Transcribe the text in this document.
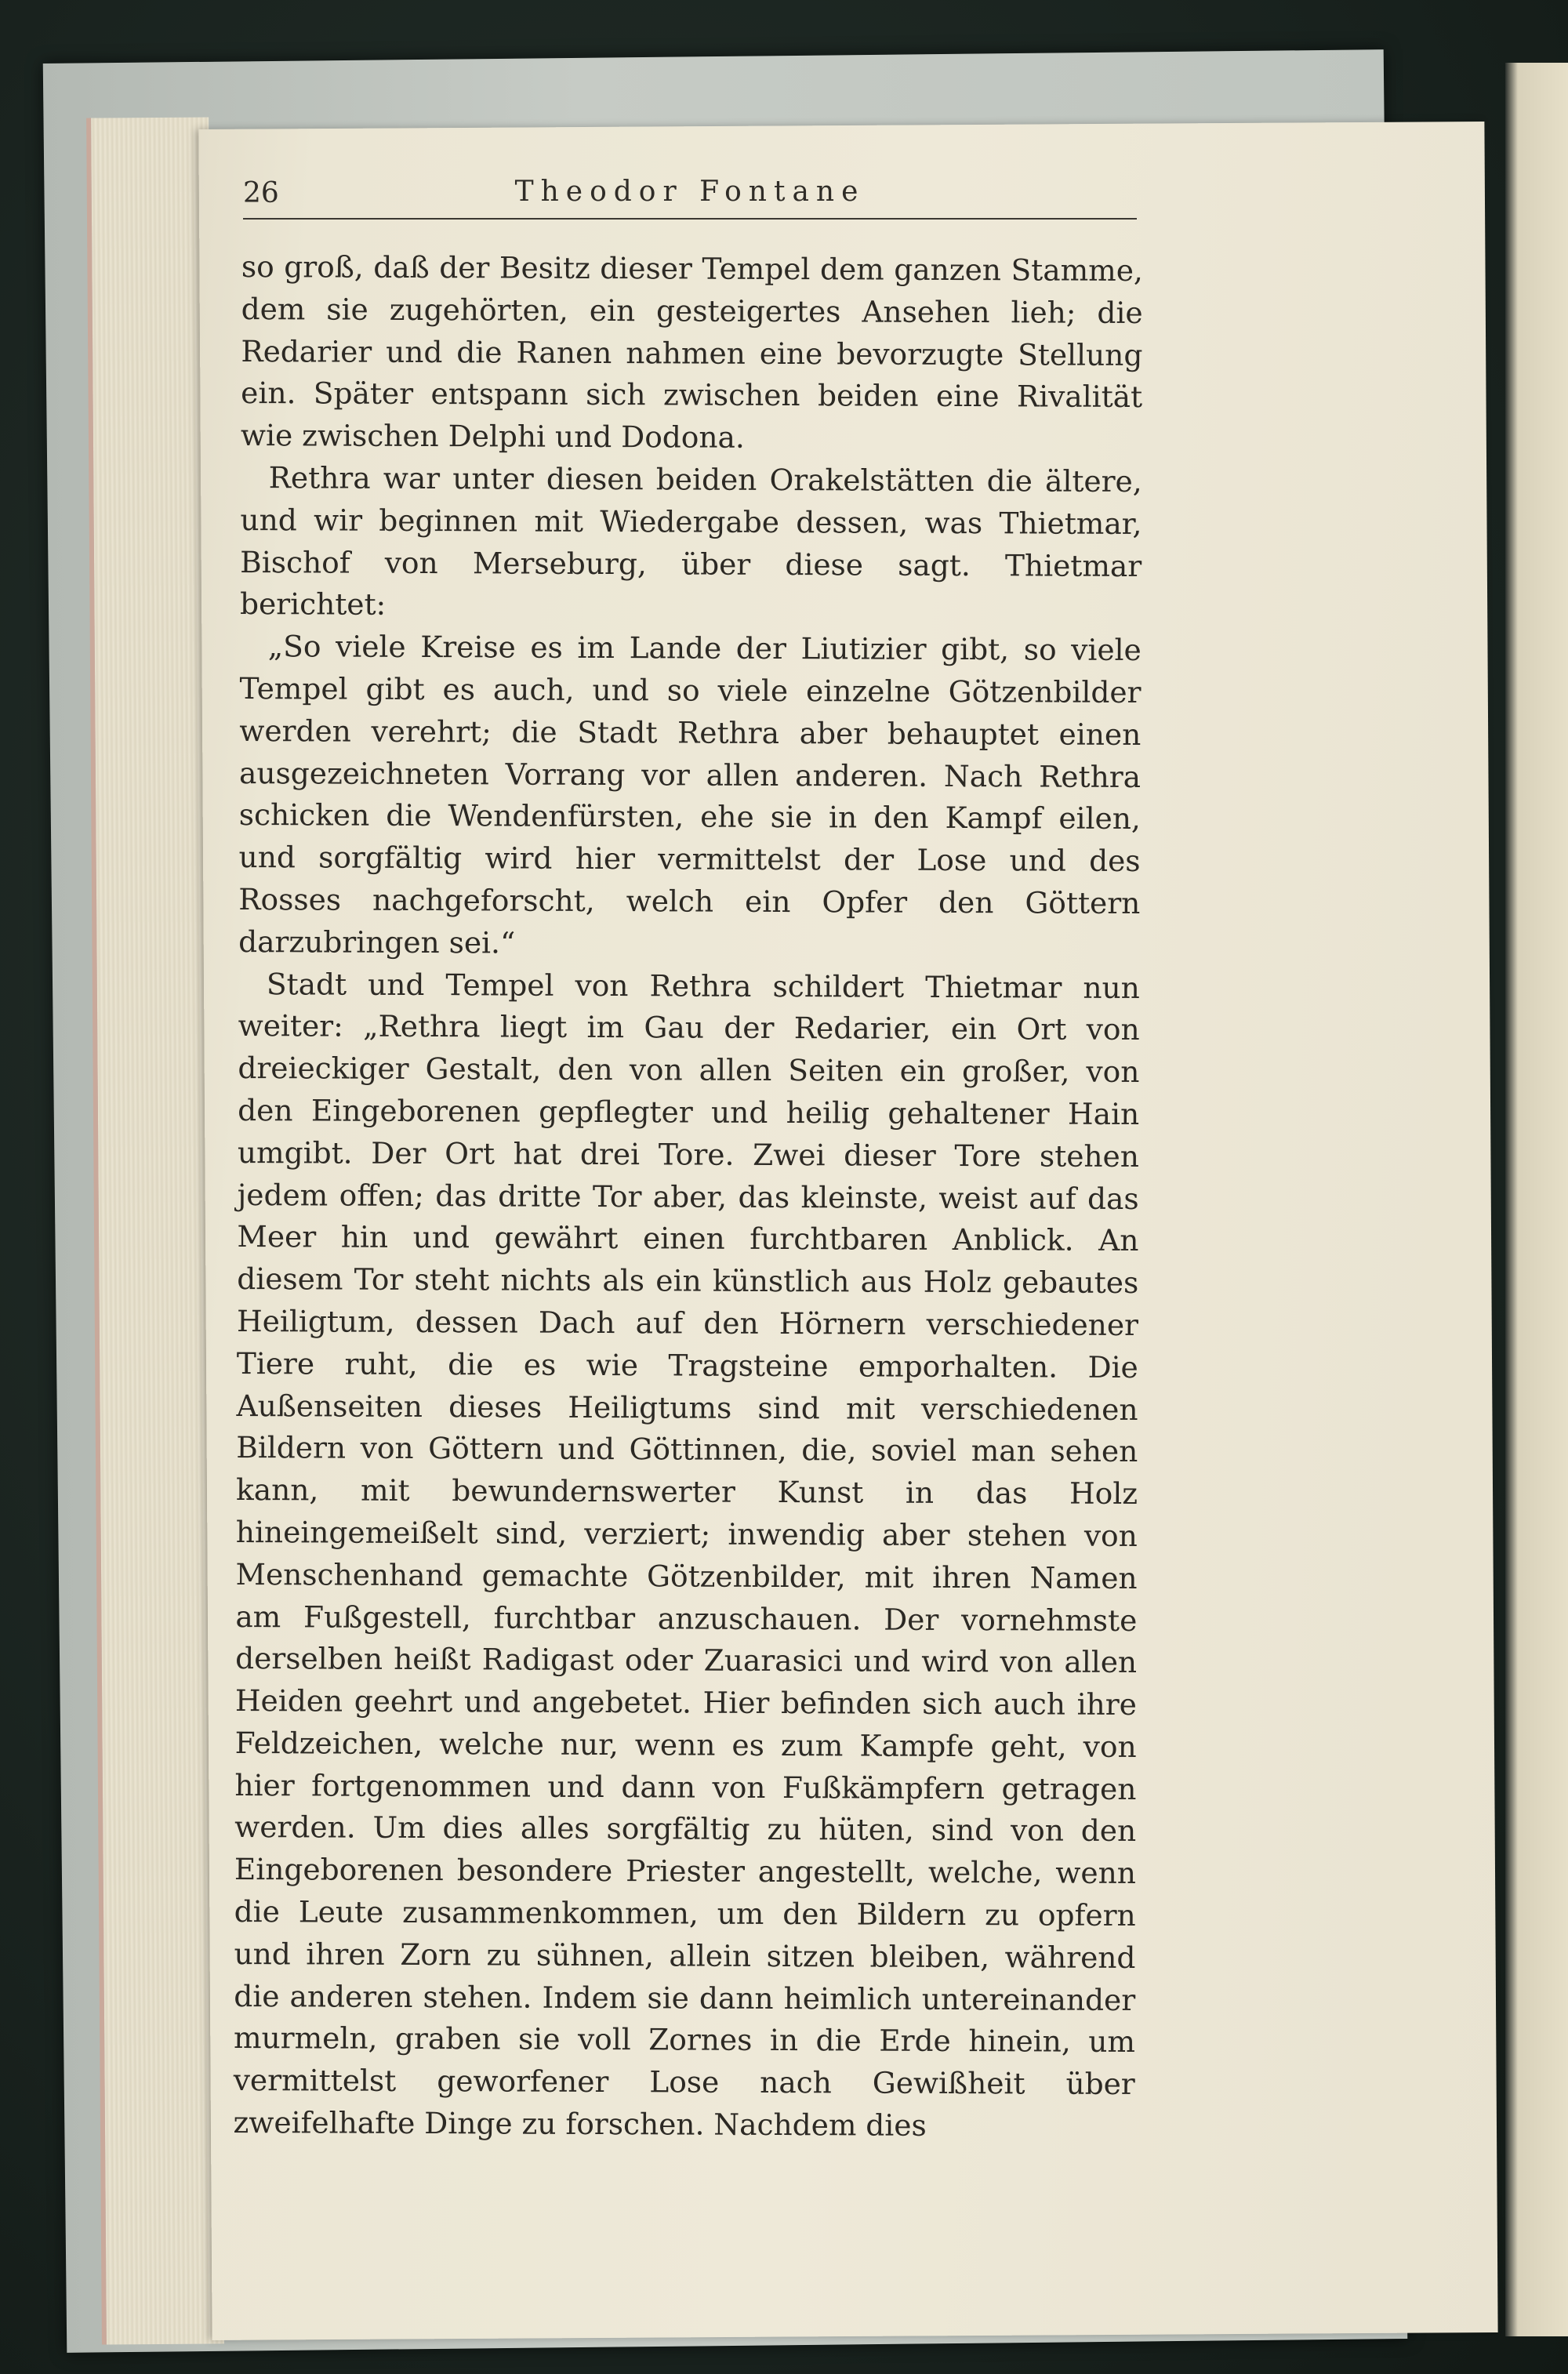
26	Theodor Fontane

so groß, daß der Besitz dieser Tempel dem ganzen Stamme, dem sie zugehörten, ein gesteigertes Ansehen lieh; die Redarier und die Ranen nahmen eine bevorzugte Stellung ein. Später entspann sich zwischen beiden eine Rivalität wie zwischen Delphi und Dodona.

Rethra war unter diesen beiden Orakelstätten die ältere, und wir beginnen mit Wiedergabe dessen, was Thietmar, Bischof von Merseburg, über diese sagt. Thietmar berichtet:

„So viele Kreise es im Lande der Liutizier gibt, so viele Tempel gibt es auch, und so viele einzelne Götzenbilder werden verehrt; die Stadt Rethra aber behauptet einen ausgezeichneten Vorrang vor allen anderen. Nach Rethra schicken die Wendenfürsten, ehe sie in den Kampf eilen, und sorgfältig wird hier vermittelst der Lose und des Rosses nachgeforscht, welch ein Opfer den Göttern darzubringen sei.“

Stadt und Tempel von Rethra schildert Thietmar nun weiter: „Rethra liegt im Gau der Redarier, ein Ort von dreieckiger Gestalt, den von allen Seiten ein großer, von den Eingeborenen gepflegter und heilig gehaltener Hain umgibt. Der Ort hat drei Tore. Zwei dieser Tore stehen jedem offen; das dritte Tor aber, das kleinste, weist auf das Meer hin und gewährt einen furchtbaren Anblick. An diesem Tor steht nichts als ein künstlich aus Holz gebautes Heiligtum, dessen Dach auf den Hörnern verschiedener Tiere ruht, die es wie Tragsteine emporhalten. Die Außenseiten dieses Heiligtums sind mit verschiedenen Bildern von Göttern und Göttinnen, die, soviel man sehen kann, mit bewundernswerter Kunst in das Holz hineingemeißelt sind, verziert; inwendig aber stehen von Menschenhand gemachte Götzenbilder, mit ihren Namen am Fußgestell, furchtbar anzuschauen. Der vornehmste derselben heißt Radigast oder Zuarasici und wird von allen Heiden geehrt und angebetet. Hier befinden sich auch ihre Feldzeichen, welche nur, wenn es zum Kampfe geht, von hier fortgenommen und dann von Fußkämpfern getragen werden. Um dies alles sorgfältig zu hüten, sind von den Eingeborenen besondere Priester angestellt, welche, wenn die Leute zusammenkommen, um den Bildern zu opfern und ihren Zorn zu sühnen, allein sitzen bleiben, während die anderen stehen. Indem sie dann heimlich untereinander murmeln, graben sie voll Zornes in die Erde hinein, um vermittelst geworfener Lose nach Gewißheit über zweifelhafte Dinge zu forschen. Nachdem dies
